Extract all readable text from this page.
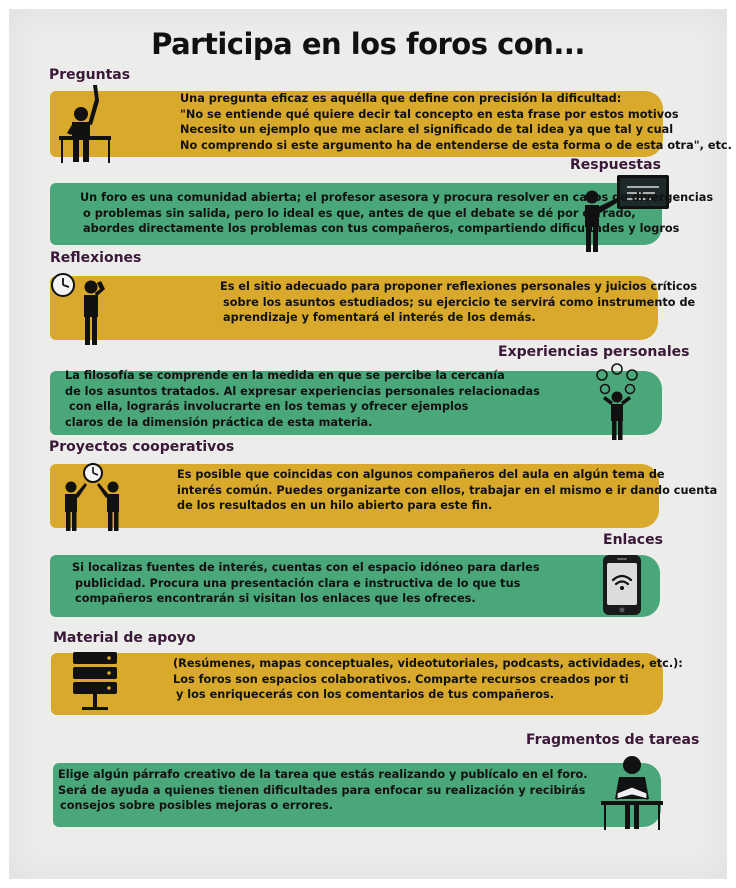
Participa en los foros con...
Preguntas
Una pregunta eficaz es aquélla que define con precisión la dificultad:
"No se entiende qué quiere decir tal concepto en esta frase por estos motivos
Necesito un ejemplo que me aclare el significado de tal idea ya que tal y cual
No comprendo si este argumento ha de entenderse de esta forma o de esta otra", etc.
Respuestas
Un foro es una comunidad abierta; el profesor asesora y procura resolver en casos de divergencias
o problemas sin salida, pero lo ideal es que, antes de que el debate se dé por cerrado,
abordes directamente los problemas con tus compañeros, compartiendo dificultades y logros
Reflexiones
Es el sitio adecuado para proponer reflexiones personales y juicios críticos
sobre los asuntos estudiados; su ejercicio te servirá como instrumento de
aprendizaje y fomentará el interés de los demás.
Experiencias personales
La filosofía se comprende en la medida en que se percibe la cercanía
de los asuntos tratados. Al expresar experiencias personales relacionadas
con ella, lograrás involucrarte en los temas y ofrecer ejemplos
claros de la dimensión práctica de esta materia.
Proyectos cooperativos
Es posible que coincidas con algunos compañeros del aula en algún tema de
interés común. Puedes organizarte con ellos, trabajar en el mismo e ir dando cuenta
de los resultados en un hilo abierto para este fin.
Enlaces
Si localizas fuentes de interés, cuentas con el espacio idóneo para darles
publicidad. Procura una presentación clara e instructiva de lo que tus
compañeros encontrarán si visitan los enlaces que les ofreces.
Material de apoyo
(Resúmenes, mapas conceptuales, videotutoriales, podcasts, actividades, etc.):
Los foros son espacios colaborativos. Comparte recursos creados por ti
y los enriquecerás con los comentarios de tus compañeros.
Fragmentos de tareas
Elige algún párrafo creativo de la tarea que estás realizando y publícalo en el foro.
Será de ayuda a quienes tienen dificultades para enfocar su realización y recibirás
consejos sobre posibles mejoras o errores.
